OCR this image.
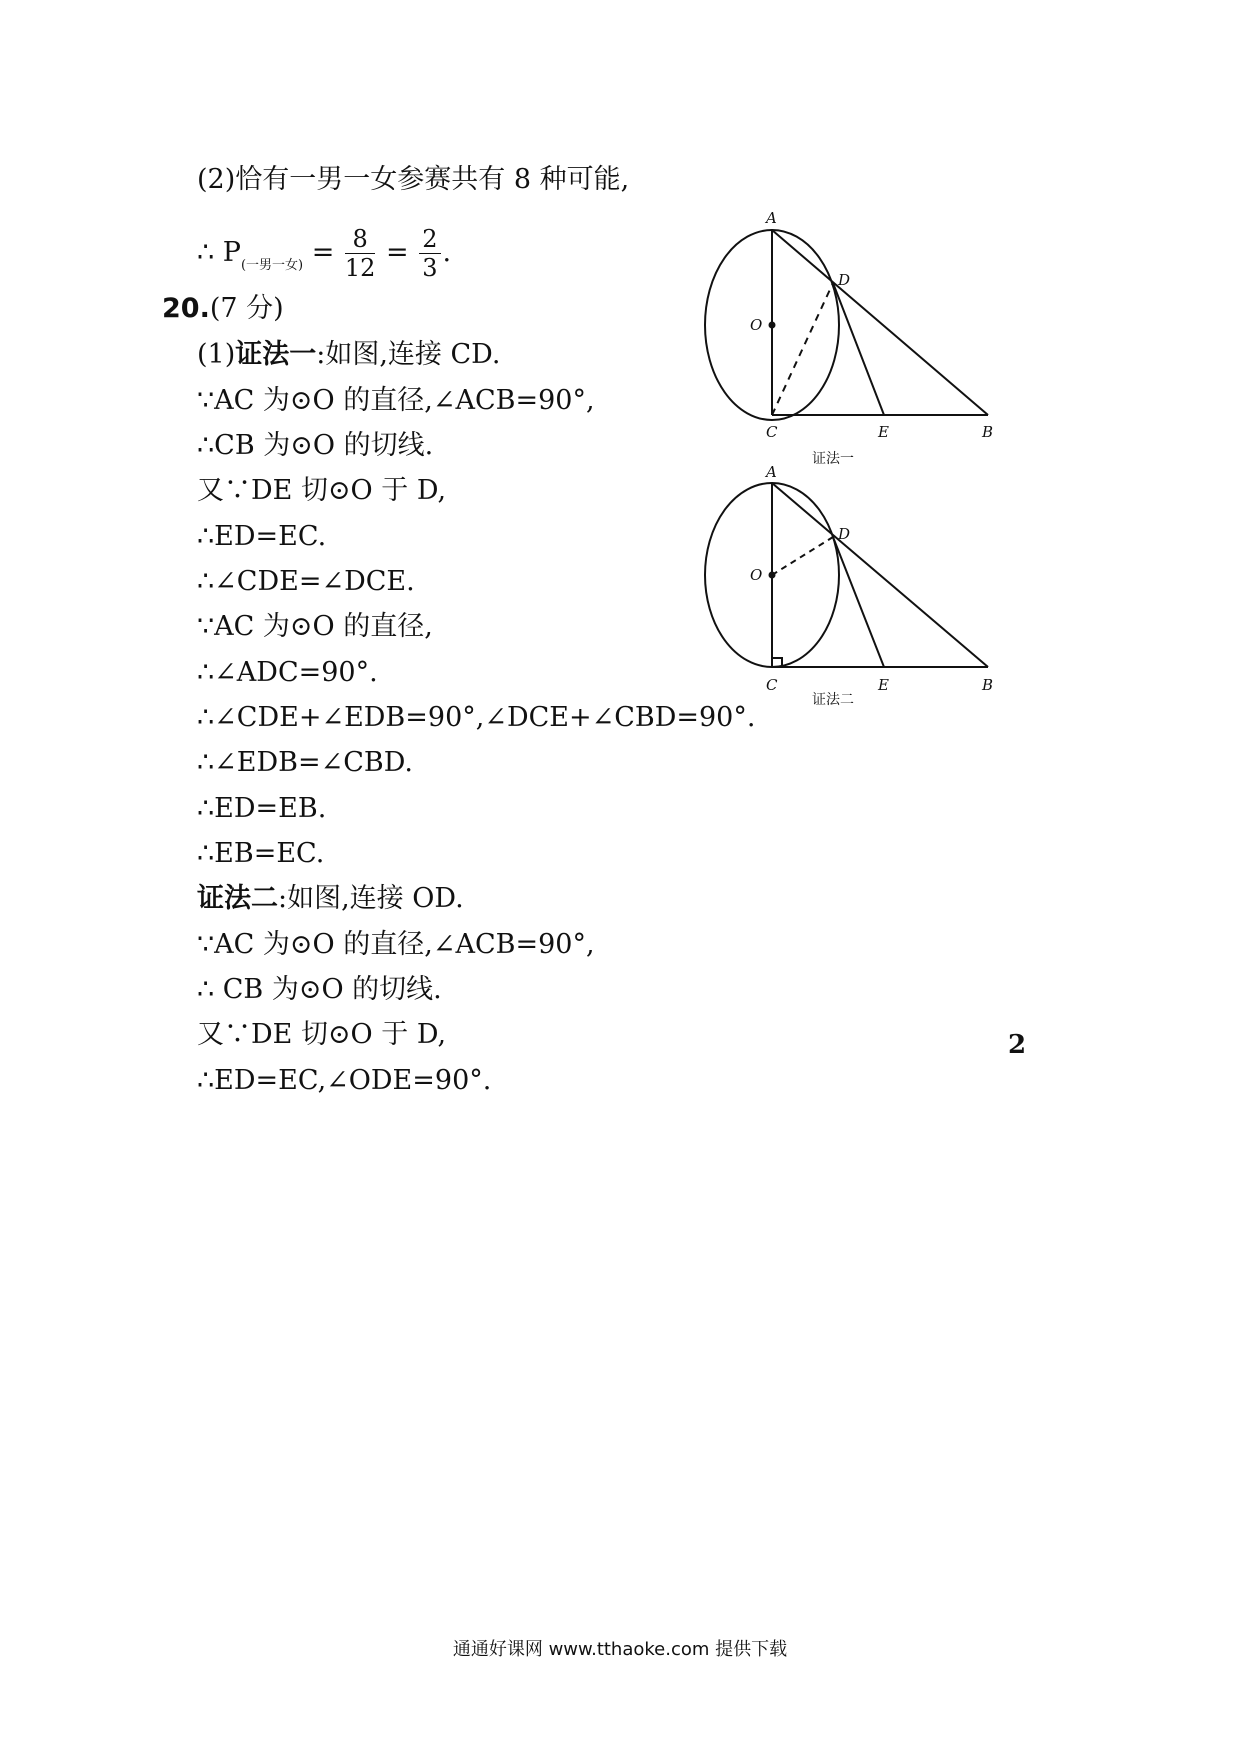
(2)恰有一男一女参赛共有 8 种可能,
∴ $P_{(一男一女)} = \frac{8}{12} = \frac{2}{3}$ .
20.(7 分)
(1)证法一:如图,连接 CD.
∵AC 为⊙O 的直径,∠ACB=90°,
∴CB 为⊙O 的切线.
又∵DE 切⊙O 于 D,
∴ED=EC.
∴∠CDE=∠DCE.
∵AC 为⊙O 的直径,
∴∠ADC=90°.
∴∠CDE+∠EDB=90°,∠DCE+∠CBD=90°.
∴∠EDB=∠CBD.
∴ED=EB.
∴EB=EC.
证法二:如图,连接 OD.
∵AC 为⊙O 的直径,∠ACB=90°,
∴ CB 为⊙O 的切线.
又∵DE 切⊙O 于 D,
∴ED=EC,∠ODE=90°.
A
D
O
C	E	B
证法一
A
D
O
C	E	B
证法二
2
通通好课网 www.tthaoke.com 提供下载
